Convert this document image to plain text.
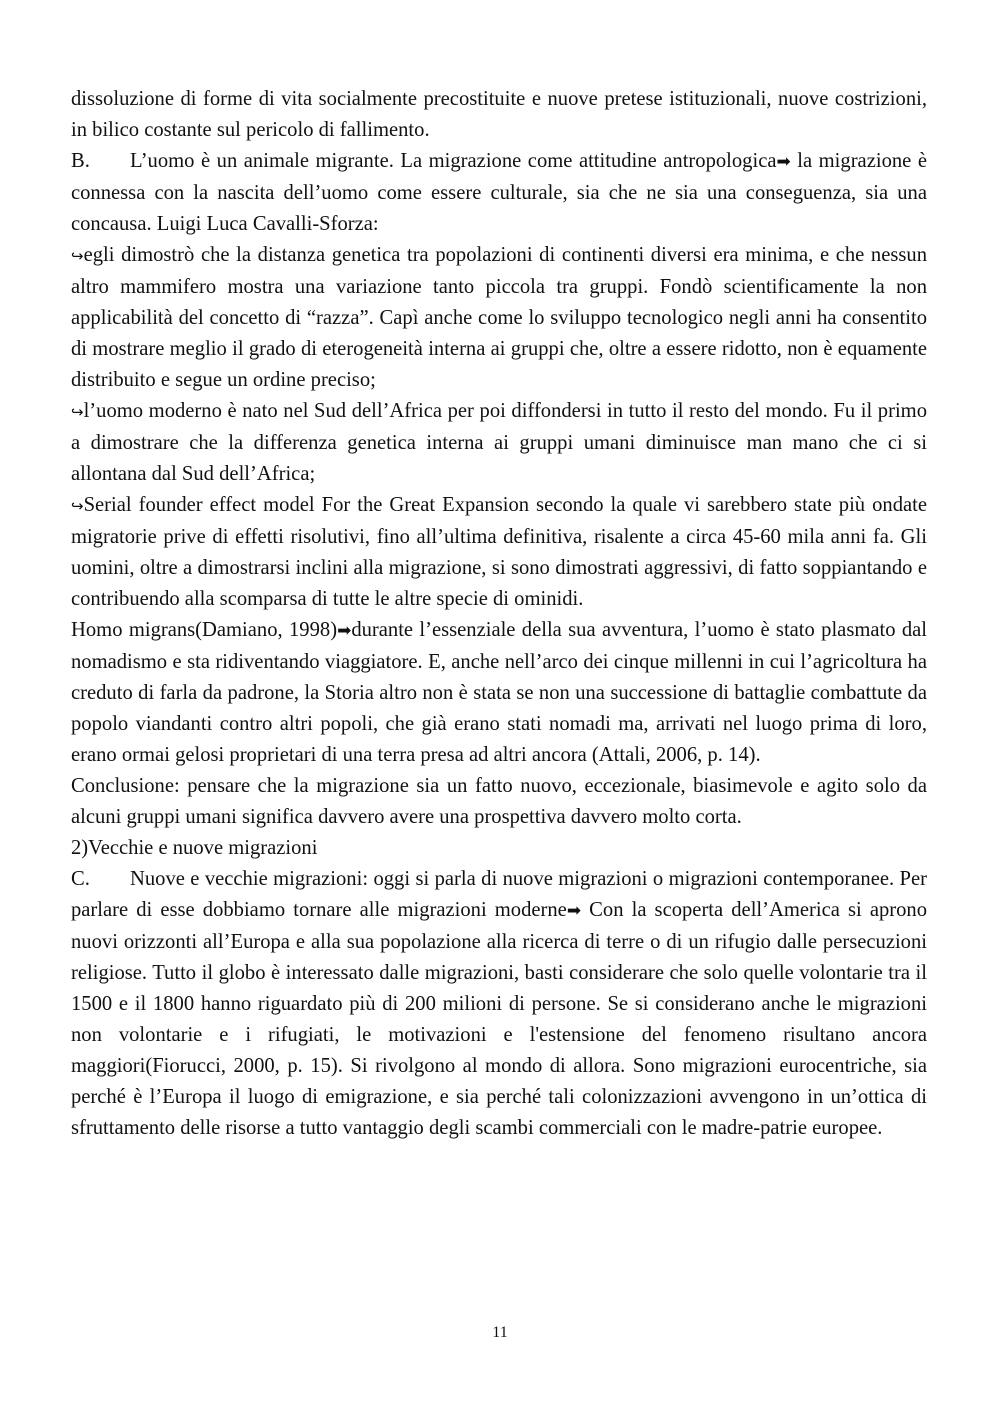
dissoluzione di forme di vita socialmente precostituite e nuove pretese istituzionali, nuove costrizioni, in bilico costante sul pericolo di fallimento.

B. L’uomo è un animale migrante. La migrazione come attitudine antropologica➡ la migrazione è connessa con la nascita dell’uomo come essere culturale, sia che ne sia una conseguenza, sia una concausa. Luigi Luca Cavalli-Sforza:

↪egli dimostrò che la distanza genetica tra popolazioni di continenti diversi era minima, e che nessun altro mammifero mostra una variazione tanto piccola tra gruppi. Fondò scientificamente la non applicabilità del concetto di “razza”. Capì anche come lo sviluppo tecnologico negli anni ha consentito di mostrare meglio il grado di eterogeneità interna ai gruppi che, oltre a essere ridotto, non è equamente distribuito e segue un ordine preciso;

↪l’uomo moderno è nato nel Sud dell’Africa per poi diffondersi in tutto il resto del mondo. Fu il primo a dimostrare che la differenza genetica interna ai gruppi umani diminuisce man mano che ci si allontana dal Sud dell’Africa;

↪Serial founder effect model For the Great Expansion secondo la quale vi sarebbero state più ondate migratorie prive di effetti risolutivi, fino all’ultima definitiva, risalente a circa 45-60 mila anni fa. Gli uomini, oltre a dimostrarsi inclini alla migrazione, si sono dimostrati aggressivi, di fatto soppiantando e contribuendo alla scomparsa di tutte le altre specie di ominidi.

Homo migrans(Damiano, 1998)➡durante l’essenziale della sua avventura, l’uomo è stato plasmato dal nomadismo e sta ridiventando viaggiatore. E, anche nell’arco dei cinque millenni in cui l’agricoltura ha creduto di farla da padrone, la Storia altro non è stata se non una successione di battaglie combattute da popolo viandanti contro altri popoli, che già erano stati nomadi ma, arrivati nel luogo prima di loro, erano ormai gelosi proprietari di una terra presa ad altri ancora (Attali, 2006, p. 14).

Conclusione: pensare che la migrazione sia un fatto nuovo, eccezionale, biasimevole e agito solo da alcuni gruppi umani significa davvero avere una prospettiva davvero molto corta.

2)Vecchie e nuove migrazioni

C. Nuove e vecchie migrazioni: oggi si parla di nuove migrazioni o migrazioni contemporanee. Per parlare di esse dobbiamo tornare alle migrazioni moderne➡ Con la scoperta dell’America si aprono nuovi orizzonti all’Europa e alla sua popolazione alla ricerca di terre o di un rifugio dalle persecuzioni religiose. Tutto il globo è interessato dalle migrazioni, basti considerare che solo quelle volontarie tra il 1500 e il 1800 hanno riguardato più di 200 milioni di persone. Se si considerano anche le migrazioni non volontarie e i rifugiati, le motivazioni e l'estensione del fenomeno risultano ancora maggiori(Fiorucci, 2000, p. 15). Si rivolgono al mondo di allora. Sono migrazioni eurocentriche, sia perché è l’Europa il luogo di emigrazione, e sia perché tali colonizzazioni avvengono in un’ottica di sfruttamento delle risorse a tutto vantaggio degli scambi commerciali con le madre-patrie europee.

11
